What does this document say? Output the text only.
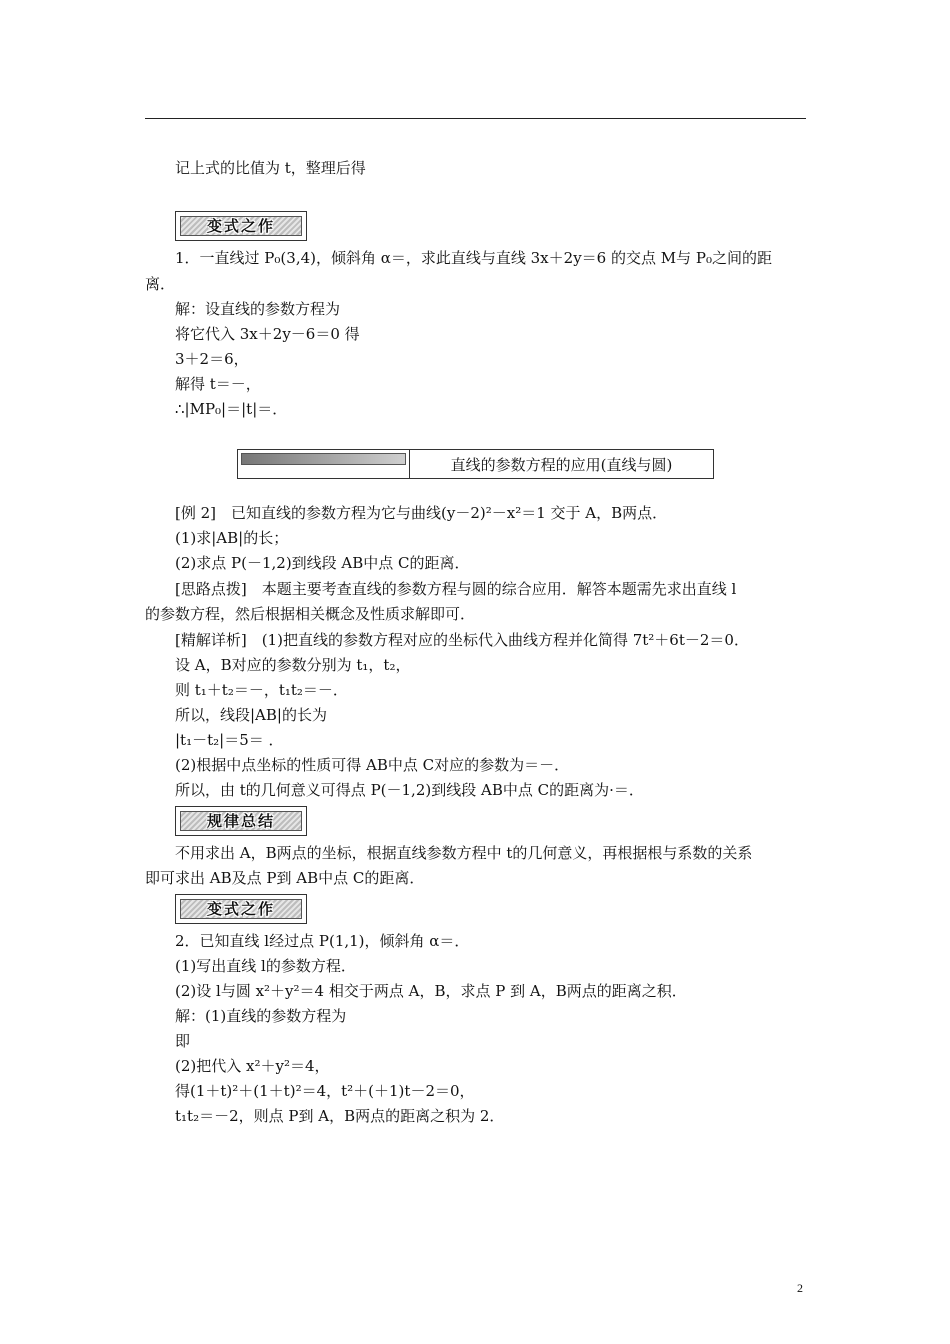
记上式的比值为 t，整理后得
变式之作
1．一直线过 P₀(3,4)，倾斜角 α＝，求此直线与直线 3x＋2y＝6 的交点 M与 P₀之间的距
离．
解：设直线的参数方程为
将它代入 3x＋2y－6＝0 得
3＋2＝6，
解得 t＝－，
∴|MP₀|＝|t|＝．
直线的参数方程的应用(直线与圆)
[例 2]　已知直线的参数方程为它与曲线(y－2)²－x²＝1 交于 A，B两点．
(1)求|AB|的长；
(2)求点 P(－1,2)到线段 AB中点 C的距离．
[思路点拨]　本题主要考查直线的参数方程与圆的综合应用．解答本题需先求出直线 l
的参数方程，然后根据相关概念及性质求解即可．
[精解详析]　(1)把直线的参数方程对应的坐标代入曲线方程并化简得 7t²＋6t－2＝0．
设 A，B对应的参数分别为 t₁，t₂，
则 t₁＋t₂＝－，t₁t₂＝－．
所以，线段|AB|的长为
|t₁－t₂|＝5＝ ．
(2)根据中点坐标的性质可得 AB中点 C对应的参数为＝－．
所以，由 t的几何意义可得点 P(－1,2)到线段 AB中点 C的距离为·＝．
规律总结
不用求出 A，B两点的坐标，根据直线参数方程中 t的几何意义，再根据根与系数的关系
即可求出 AB及点 P到 AB中点 C的距离．
变式之作
2．已知直线 l经过点 P(1,1)，倾斜角 α＝．
(1)写出直线 l的参数方程．
(2)设 l与圆 x²＋y²＝4 相交于两点 A，B，求点 P 到 A，B两点的距离之积．
解：(1)直线的参数方程为
即
(2)把代入 x²＋y²＝4，
得(1＋t)²＋(1＋t)²＝4，t²＋(＋1)t－2＝0，
t₁t₂＝－2，则点 P到 A，B两点的距离之积为 2．
2
